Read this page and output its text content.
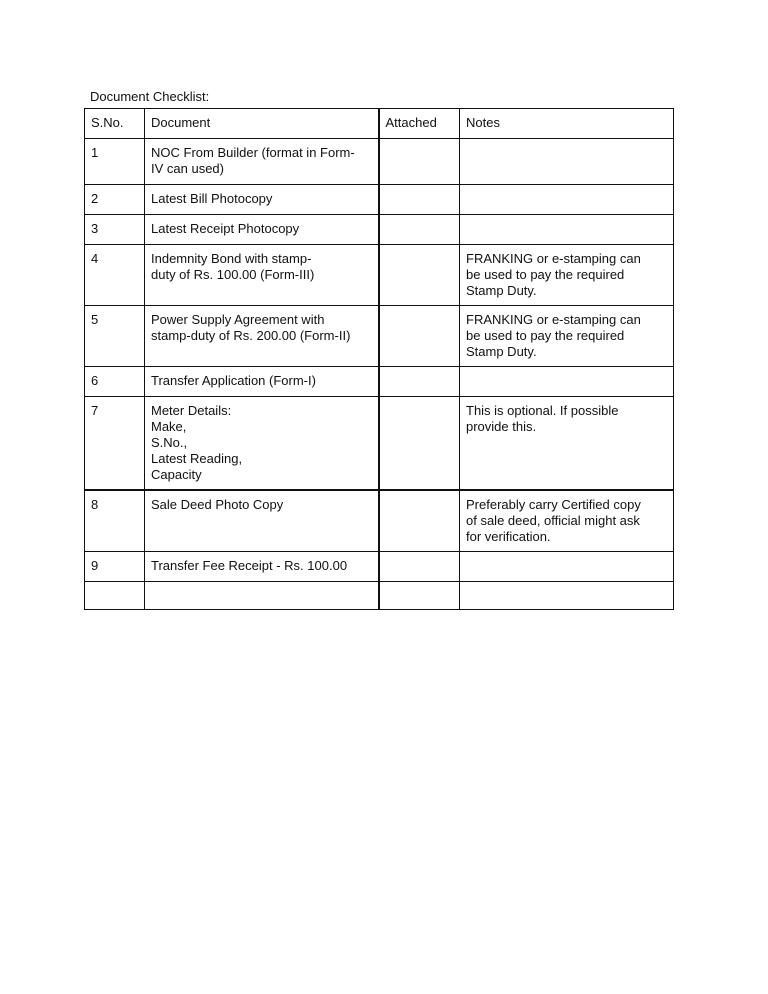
Document Checklist:
S.No.	Document	Attached	Notes

1	NOC From Builder (format in Form-
IV can used)		

2	Latest Bill Photocopy		

3	Latest Receipt Photocopy		

4	Indemnity Bond with stamp-
duty of Rs. 100.00 (Form-III)		FRANKING or e-stamping can
be used to pay the required
Stamp Duty.

5	Power Supply Agreement with
stamp-duty of Rs. 200.00 (Form-II)		FRANKING or e-stamping can
be used to pay the required
Stamp Duty.

6	Transfer Application (Form-I)		

7	Meter Details:
Make,
S.No.,
Latest Reading,
Capacity		This is optional. If possible
provide this.

8	Sale Deed Photo Copy		Preferably carry Certified copy
of sale deed, official might ask
for verification.

9	Transfer Fee Receipt - Rs. 100.00		
